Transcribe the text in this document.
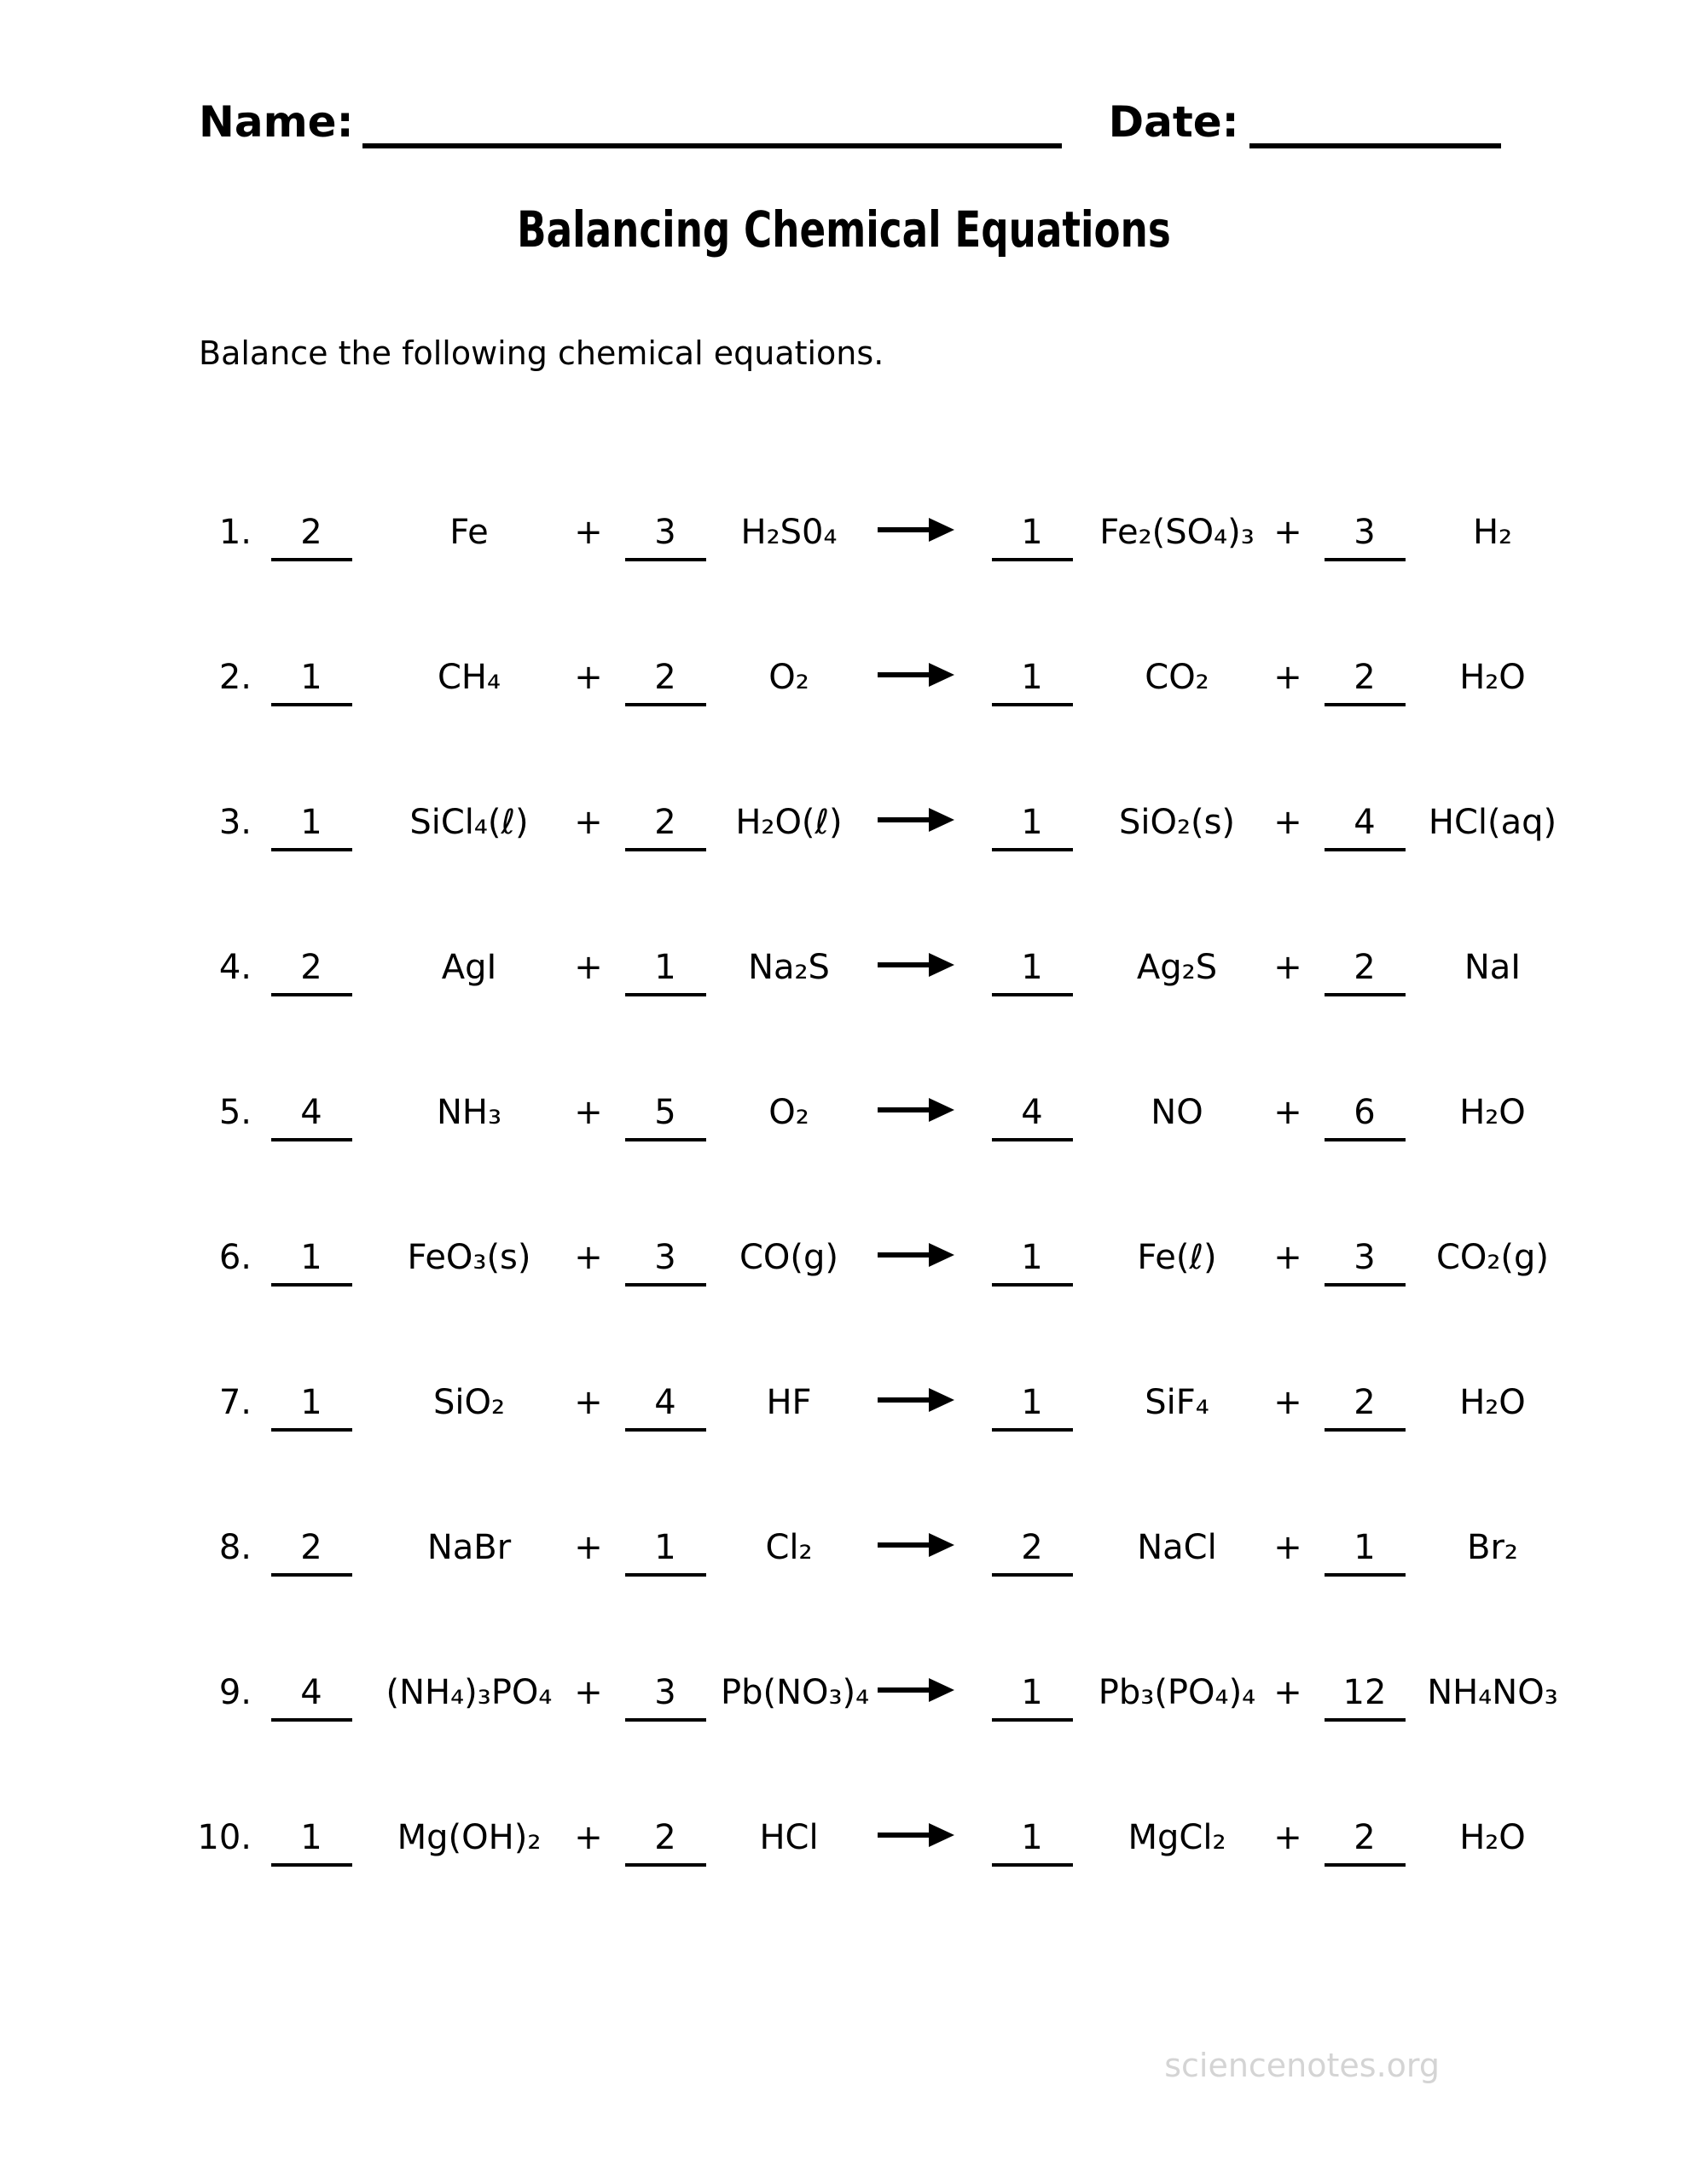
Name:	Date:
Balancing Chemical Equations
Balance the following chemical equations.
1.	2	Fe	+	3	H₂S0₄	1	Fe₂(SO₄)₃ +	3	H₂
2.	1	CH₄	+	2	O₂	1	CO₂	+	2	H₂O
3.	1	SiCl₄(ℓ)	+	2	H₂O(ℓ)	1	SiO₂(s)	+	4	HCl(aq)
4.	2	AgI	+	1	Na₂S	1	Ag₂S	+	2	NaI
5.	4	NH₃	+	5	O₂	4	NO	+	6	H₂O
6.	1	FeO₃(s)	+	3	CO(g)	1	Fe(ℓ)	+	3	CO₂(g)
7.	1	SiO₂	+	4	HF	1	SiF₄	+	2	H₂O
8.	2	NaBr	+	1	Cl₂	2	NaCl	+	1	Br₂
9.	4	(NH₄)₃PO₄ +	3	Pb(NO₃)₄	1	Pb₃(PO₄)₄ +	12	NH₄NO₃
10.	1	Mg(OH)₂ +	2	HCl	1	MgCl₂	+	2	H₂O
sciencenotes.org
